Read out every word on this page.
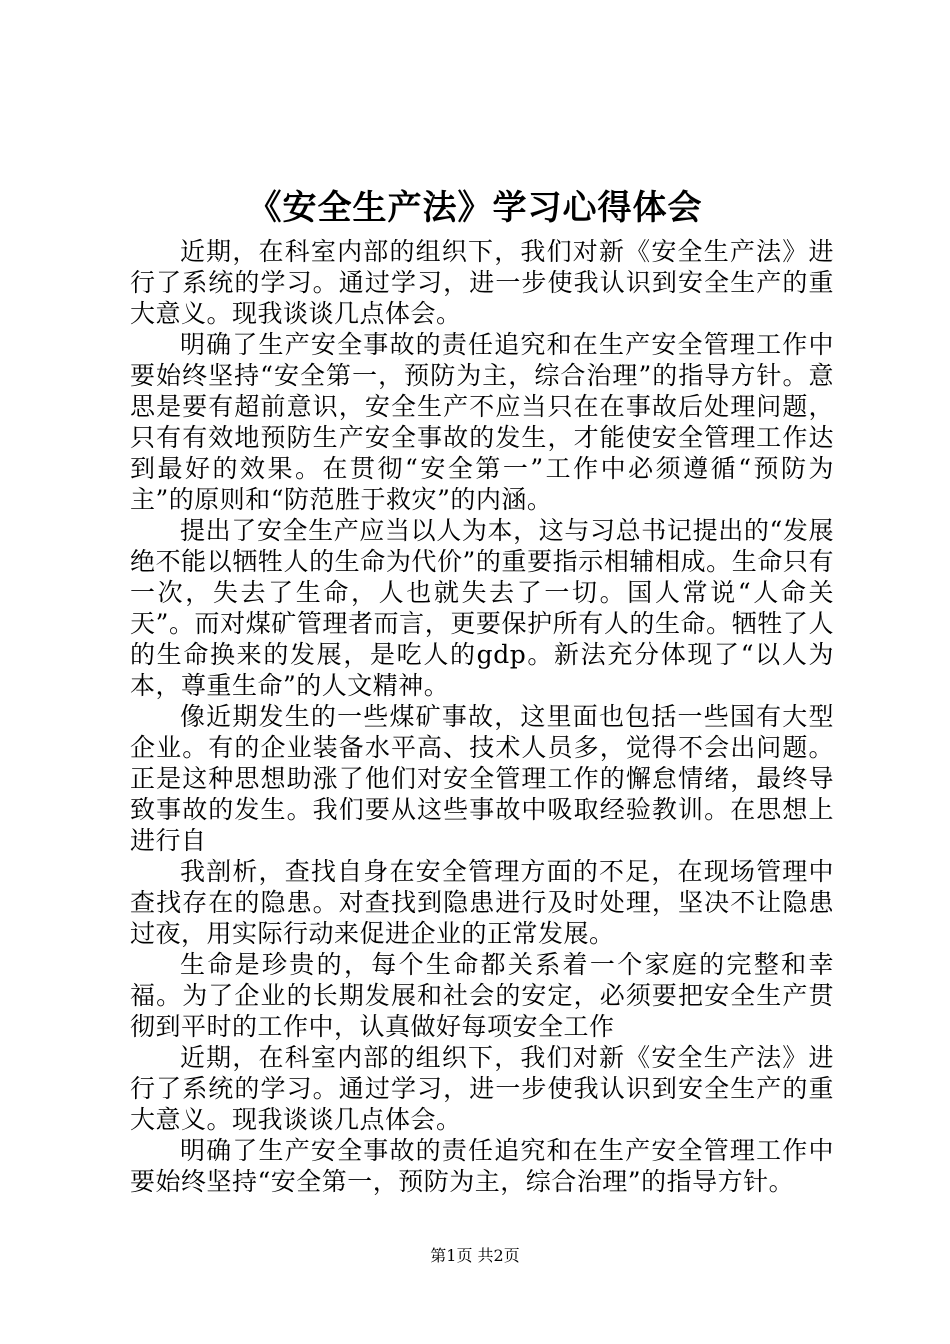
《安全生产法》学习心得体会

近期，在科室内部的组织下，我们对新《安全生产法》进行了系统的学习。通过学习，进一步使我认识到安全生产的重大意义。现我谈谈几点体会。

明确了生产安全事故的责任追究和在生产安全管理工作中要始终坚持“安全第一，预防为主，综合治理”的指导方针。意思是要有超前意识，安全生产不应当只在在事故后处理问题，只有有效地预防生产安全事故的发生，才能使安全管理工作达到最好的效果。在贯彻“安全第一”工作中必须遵循“预防为主”的原则和“防范胜于救灾”的内涵。

提出了安全生产应当以人为本，这与习总书记提出的“发展绝不能以牺牲人的生命为代价”的重要指示相辅相成。生命只有一次，失去了生命，人也就失去了一切。国人常说“人命关天”。而对煤矿管理者而言，更要保护所有人的生命。牺牲了人的生命换来的发展，是吃人的gdp。新法充分体现了“以人为本，尊重生命”的人文精神。

像近期发生的一些煤矿事故，这里面也包括一些国有大型企业。有的企业装备水平高、技术人员多，觉得不会出问题。正是这种思想助涨了他们对安全管理工作的懈怠情绪，最终导致事故的发生。我们要从这些事故中吸取经验教训。在思想上进行自

我剖析，查找自身在安全管理方面的不足，在现场管理中查找存在的隐患。对查找到隐患进行及时处理，坚决不让隐患过夜，用实际行动来促进企业的正常发展。

生命是珍贵的，每个生命都关系着一个家庭的完整和幸福。为了企业的长期发展和社会的安定，必须要把安全生产贯彻到平时的工作中，认真做好每项安全工作

近期，在科室内部的组织下，我们对新《安全生产法》进行了系统的学习。通过学习，进一步使我认识到安全生产的重大意义。现我谈谈几点体会。

明确了生产安全事故的责任追究和在生产安全管理工作中要始终坚持“安全第一，预防为主，综合治理”的指导方针。

第1页 共2页
